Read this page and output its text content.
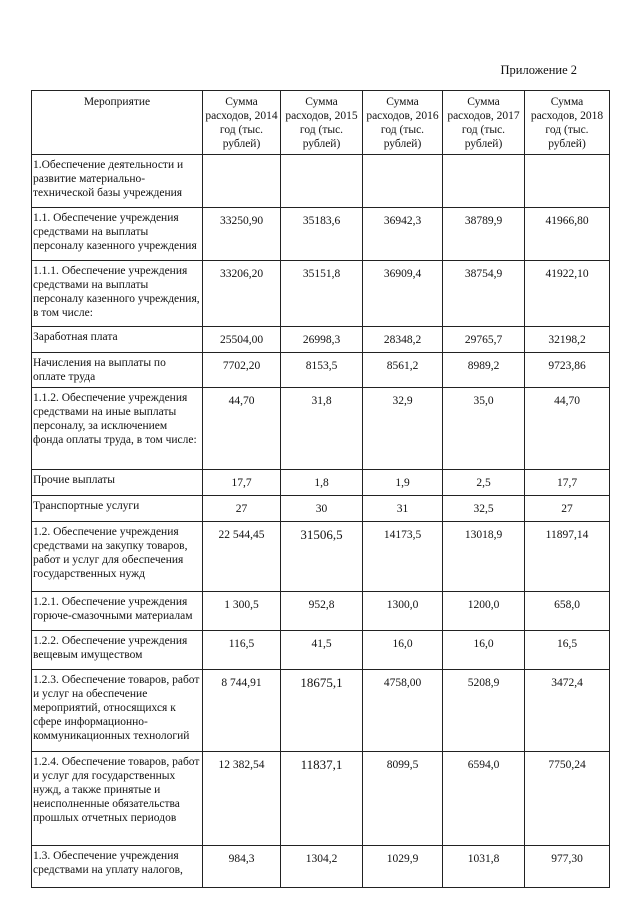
Приложение 2
Мероприятие	Сумма расходов, 2014 год (тыс. рублей)	Сумма расходов, 2015 год (тыс. рублей)	Сумма расходов, 2016 год (тыс. рублей)	Сумма расходов, 2017 год (тыс. рублей)	Сумма расходов, 2018 год (тыс. рублей)
1.Обеспечение деятельности и развитие материально-технической базы учреждения					
1.1. Обеспечение учреждения средствами на выплаты персоналу казенного учреждения	33250,90	35183,6	36942,3	38789,9	41966,80
1.1.1. Обеспечение учреждения средствами на выплаты персоналу казенного учреждения, в том числе:	33206,20	35151,8	36909,4	38754,9	41922,10
Заработная плата	25504,00	26998,3	28348,2	29765,7	32198,2
Начисления на выплаты по оплате труда	7702,20	8153,5	8561,2	8989,2	9723,86
1.1.2. Обеспечение учреждения средствами на иные выплаты персоналу, за исключением фонда оплаты труда, в том числе:	44,70	31,8	32,9	35,0	44,70
Прочие выплаты	17,7	1,8	1,9	2,5	17,7
Транспортные услуги	27	30	31	32,5	27
1.2. Обеспечение учреждения средствами на закупку товаров, работ и услуг для обеспечения государственных нужд	22 544,45	31506,5	14173,5	13018,9	11897,14
1.2.1. Обеспечение учреждения горюче-смазочными материалам	1 300,5	952,8	1300,0	1200,0	658,0
1.2.2. Обеспечение учреждения вещевым имуществом	116,5	41,5	16,0	16,0	16,5
1.2.3. Обеспечение товаров, работ и услуг на обеспечение мероприятий, относящихся к сфере информационно-коммуникационных технологий	8 744,91	18675,1	4758,00	5208,9	3472,4
1.2.4. Обеспечение товаров, работ и услуг для государственных нужд, а также принятые и неисполненные обязательства прошлых отчетных периодов	12 382,54	11837,1	8099,5	6594,0	7750,24
1.3. Обеспечение учреждения средствами на уплату налогов,	984,3	1304,2	1029,9	1031,8	977,30
